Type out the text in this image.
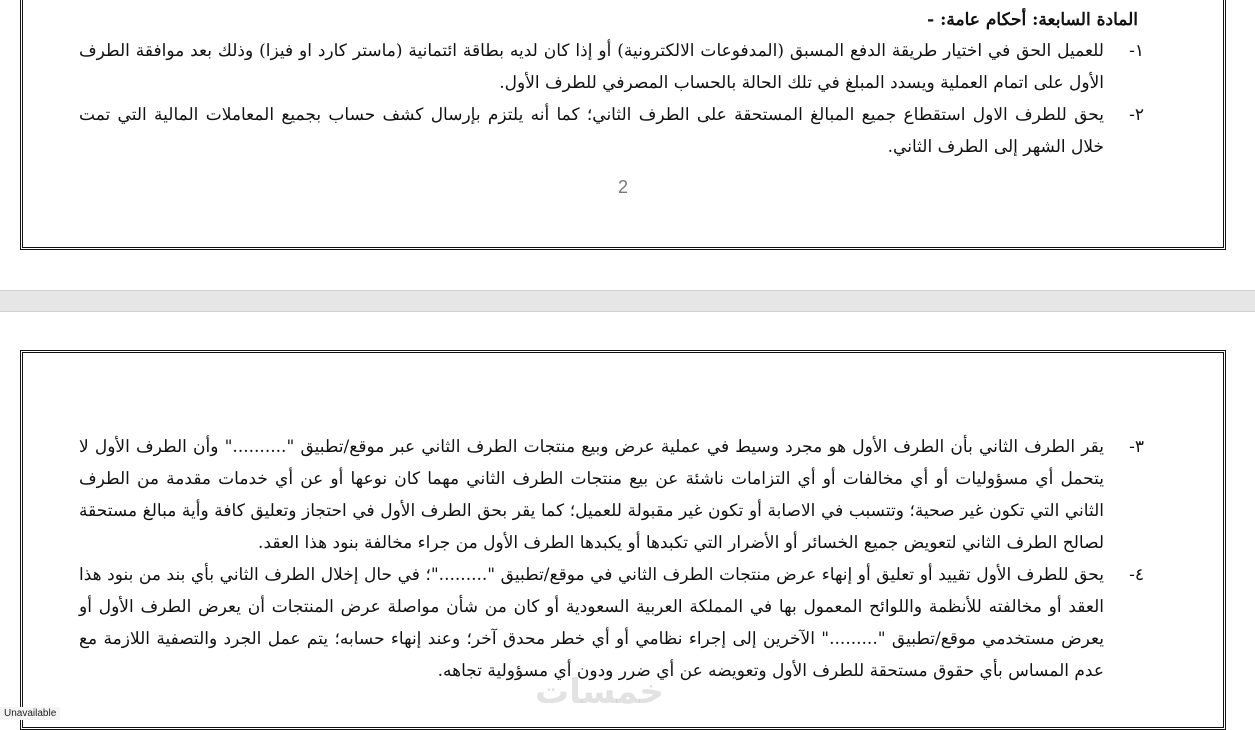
المادة السابعة: أحكام عامة: -

١-
للعميل الحق في اختيار طريقة الدفع المسبق (المدفوعات الالكترونية) أو إذا كان لديه بطاقة ائتمانية (ماستر كارد او فيزا) وذلك بعد موافقة الطرف الأول على اتمام العملية ويسدد المبلغ في تلك الحالة بالحساب المصرفي للطرف الأول.

٢-
يحق للطرف الاول استقطاع جميع المبالغ المستحقة على الطرف الثاني؛ كما أنه يلتزم بإرسال كشف حساب بجميع المعاملات المالية التي تمت خلال الشهر إلى الطرف الثاني.

2

٣-
يقر الطرف الثاني بأن الطرف الأول هو مجرد وسيط في عملية عرض وبيع منتجات الطرف الثاني عبر موقع/تطبيق ".........." وأن الطرف الأول لا يتحمل أي مسؤوليات أو أي مخالفات أو أي التزامات ناشئة عن بيع منتجات الطرف الثاني مهما كان نوعها أو عن أي خدمات مقدمة من الطرف الثاني التي تكون غير صحية؛ وتتسبب في الاصابة أو تكون غير مقبولة للعميل؛ كما يقر بحق الطرف الأول في احتجاز وتعليق كافة وأية مبالغ مستحقة لصالح الطرف الثاني لتعويض جميع الخسائر أو الأضرار التي تكبدها أو يكبدها الطرف الأول من جراء مخالفة بنود هذا العقد.

٤-
يحق للطرف الأول تقييد أو تعليق أو إنهاء عرض منتجات الطرف الثاني في موقع/تطبيق "........."؛ في حال إخلال الطرف الثاني بأي بند من بنود هذا العقد أو مخالفته للأنظمة واللوائح المعمول بها في المملكة العربية السعودية أو كان من شأن مواصلة عرض المنتجات أن يعرض الطرف الأول أو يعرض مستخدمي موقع/تطبيق "........." الآخرين إلى إجراء نظامي أو أي خطر محدق آخر؛ وعند إنهاء حسابه؛ يتم عمل الجرد والتصفية اللازمة مع عدم المساس بأي حقوق مستحقة للطرف الأول وتعويضه عن أي ضرر ودون أي مسؤولية تجاهه.

خمسات
Unavailable
